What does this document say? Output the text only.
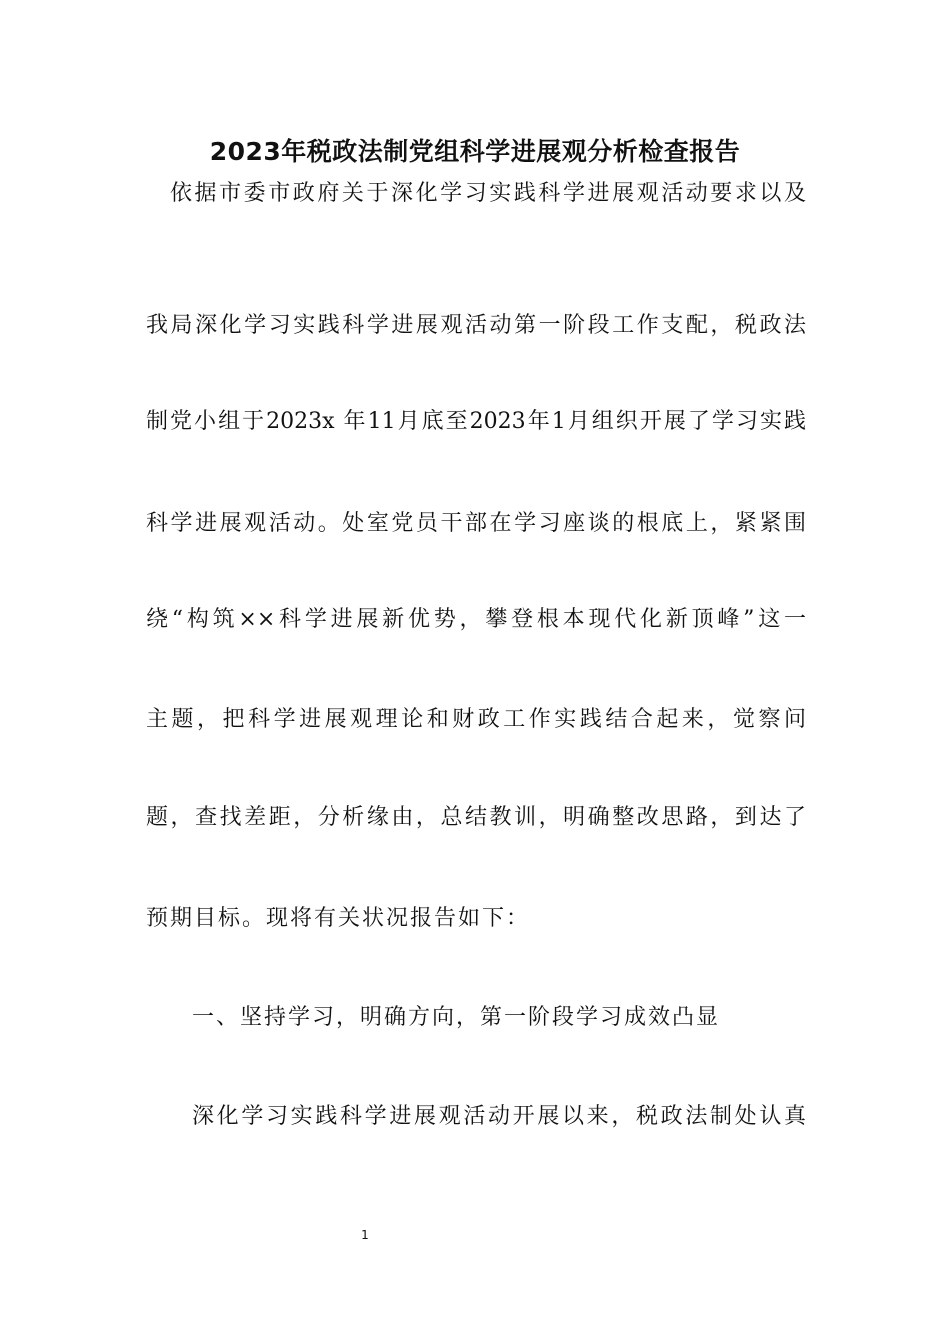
2023年税政法制党组科学进展观分析检查报告
依据市委市政府关于深化学习实践科学进展观活动要求以及
我局深化学习实践科学进展观活动第一阶段工作支配，税政法
制党小组于2023x 年11月底至2023年1月组织开展了学习实践
科学进展观活动。处室党员干部在学习座谈的根底上，紧紧围
绕“构筑××科学进展新优势，攀登根本现代化新顶峰”这一
主题，把科学进展观理论和财政工作实践结合起来，觉察问
题，查找差距，分析缘由，总结教训，明确整改思路，到达了
预期目标。现将有关状况报告如下：
一、坚持学习，明确方向，第一阶段学习成效凸显
深化学习实践科学进展观活动开展以来，税政法制处认真
1
